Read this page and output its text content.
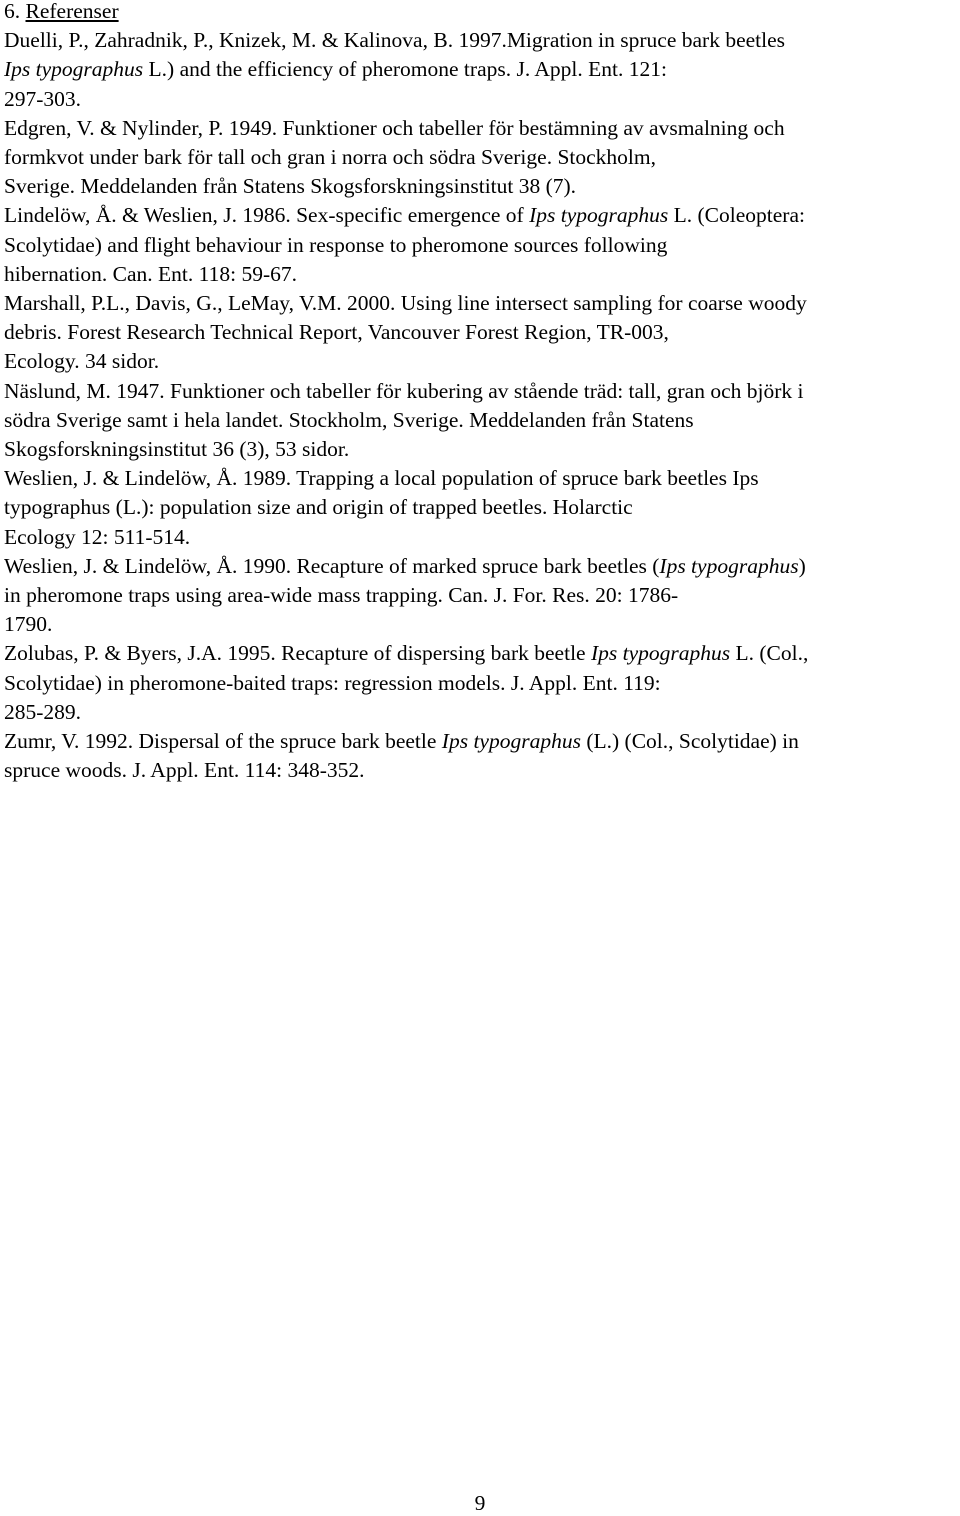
6. Referenser
Duelli, P., Zahradnik, P., Knizek, M. & Kalinova, B. 1997.Migration in spruce bark beetles
Ips typographus L.) and the efficiency of pheromone traps. J. Appl. Ent. 121:
297-303.
Edgren, V. & Nylinder, P. 1949. Funktioner och tabeller för bestämning av avsmalning och
formkvot under bark för tall och gran i norra och södra Sverige. Stockholm,
Sverige. Meddelanden från Statens Skogsforskningsinstitut 38 (7).
Lindelöw, Å. & Weslien, J. 1986. Sex-specific emergence of Ips typographus L. (Coleoptera:
Scolytidae) and flight behaviour in response to pheromone sources following
hibernation. Can. Ent. 118: 59-67.
Marshall, P.L., Davis, G., LeMay, V.M. 2000. Using line intersect sampling for coarse woody
debris. Forest Research Technical Report, Vancouver Forest Region, TR-003,
Ecology. 34 sidor.
Näslund, M. 1947. Funktioner och tabeller för kubering av stående träd: tall, gran och björk i
södra Sverige samt i hela landet. Stockholm, Sverige. Meddelanden från Statens
Skogsforskningsinstitut 36 (3), 53 sidor.
Weslien, J. & Lindelöw, Å. 1989. Trapping a local population of spruce bark beetles Ips
typographus (L.): population size and origin of trapped beetles. Holarctic
Ecology 12: 511-514.
Weslien, J. & Lindelöw, Å. 1990. Recapture of marked spruce bark beetles (Ips typographus)
in pheromone traps using area-wide mass trapping. Can. J. For. Res. 20: 1786-
1790.
Zolubas, P. & Byers, J.A. 1995. Recapture of dispersing bark beetle Ips typographus L. (Col.,
Scolytidae) in pheromone-baited traps: regression models. J. Appl. Ent. 119:
285-289.
Zumr, V. 1992. Dispersal of the spruce bark beetle Ips typographus (L.) (Col., Scolytidae) in
spruce woods. J. Appl. Ent. 114: 348-352.
9
